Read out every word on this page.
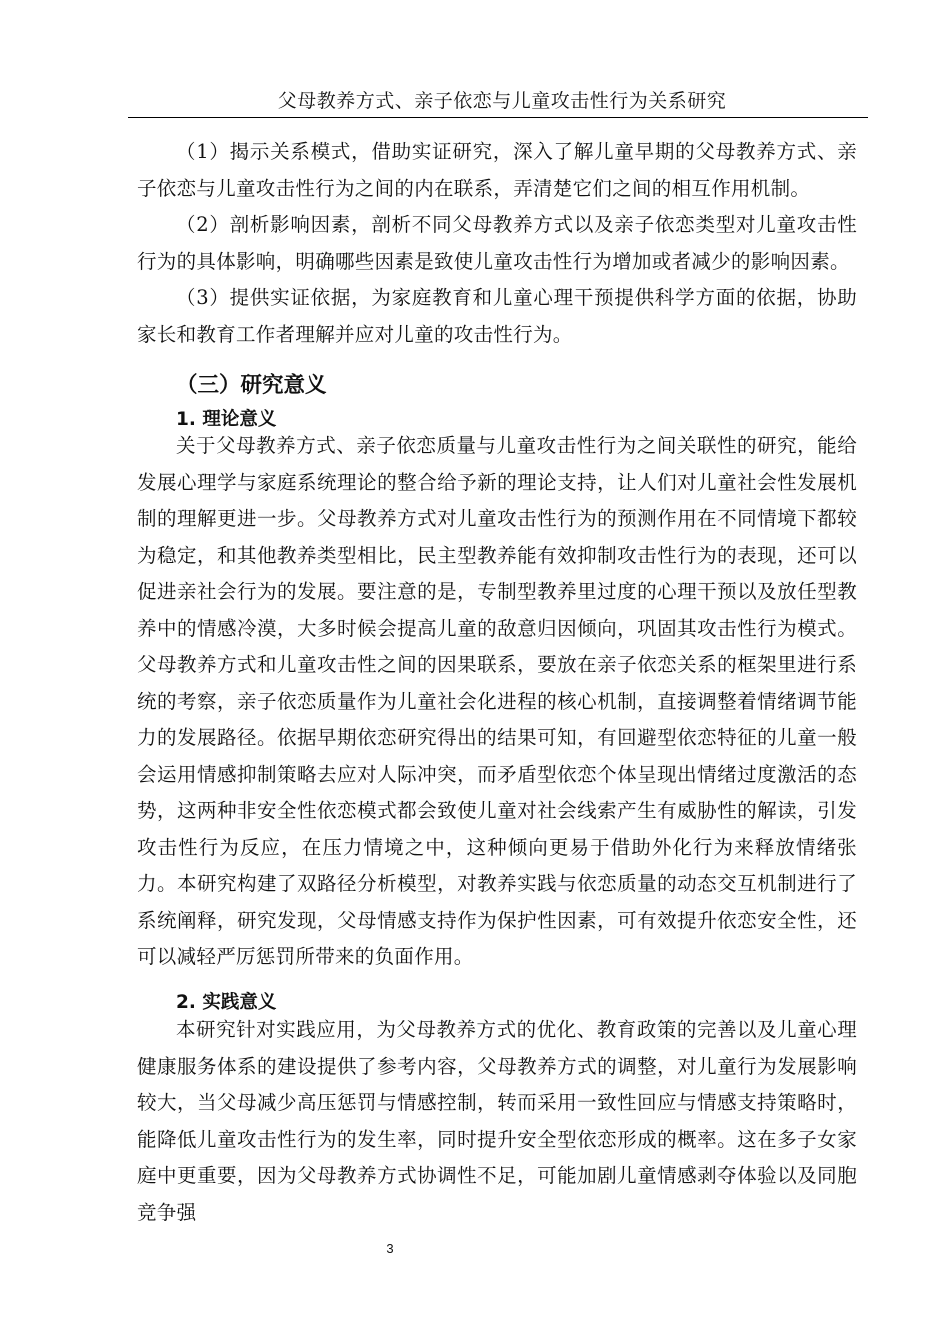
父母教养方式、亲子依恋与儿童攻击性行为关系研究
（1）揭示关系模式，借助实证研究，深入了解儿童早期的父母教养方式、亲子依恋与儿童攻击性行为之间的内在联系，弄清楚它们之间的相互作用机制。
（2）剖析影响因素，剖析不同父母教养方式以及亲子依恋类型对儿童攻击性行为的具体影响，明确哪些因素是致使儿童攻击性行为增加或者减少的影响因素。
（3）提供实证依据，为家庭教育和儿童心理干预提供科学方面的依据，协助家长和教育工作者理解并应对儿童的攻击性行为。
（三）研究意义
1. 理论意义
关于父母教养方式、亲子依恋质量与儿童攻击性行为之间关联性的研究，能给发展心理学与家庭系统理论的整合给予新的理论支持，让人们对儿童社会性发展机制的理解更进一步。父母教养方式对儿童攻击性行为的预测作用在不同情境下都较为稳定，和其他教养类型相比，民主型教养能有效抑制攻击性行为的表现，还可以促进亲社会行为的发展。要注意的是，专制型教养里过度的心理干预以及放任型教养中的情感冷漠，大多时候会提高儿童的敌意归因倾向，巩固其攻击性行为模式。父母教养方式和儿童攻击性之间的因果联系，要放在亲子依恋关系的框架里进行系统的考察，亲子依恋质量作为儿童社会化进程的核心机制，直接调整着情绪调节能力的发展路径。依据早期依恋研究得出的结果可知，有回避型依恋特征的儿童一般会运用情感抑制策略去应对人际冲突，而矛盾型依恋个体呈现出情绪过度激活的态势，这两种非安全性依恋模式都会致使儿童对社会线索产生有威胁性的解读，引发攻击性行为反应，在压力情境之中，这种倾向更易于借助外化行为来释放情绪张力。本研究构建了双路径分析模型，对教养实践与依恋质量的动态交互机制进行了系统阐释，研究发现，父母情感支持作为保护性因素，可有效提升依恋安全性，还可以减轻严厉惩罚所带来的负面作用。
2. 实践意义
本研究针对实践应用，为父母教养方式的优化、教育政策的完善以及儿童心理健康服务体系的建设提供了参考内容，父母教养方式的调整，对儿童行为发展影响较大，当父母减少高压惩罚与情感控制，转而采用一致性回应与情感支持策略时，能降低儿童攻击性行为的发生率，同时提升安全型依恋形成的概率。这在多子女家庭中更重要，因为父母教养方式协调性不足，可能加剧儿童情感剥夺体验以及同胞竞争强
3
